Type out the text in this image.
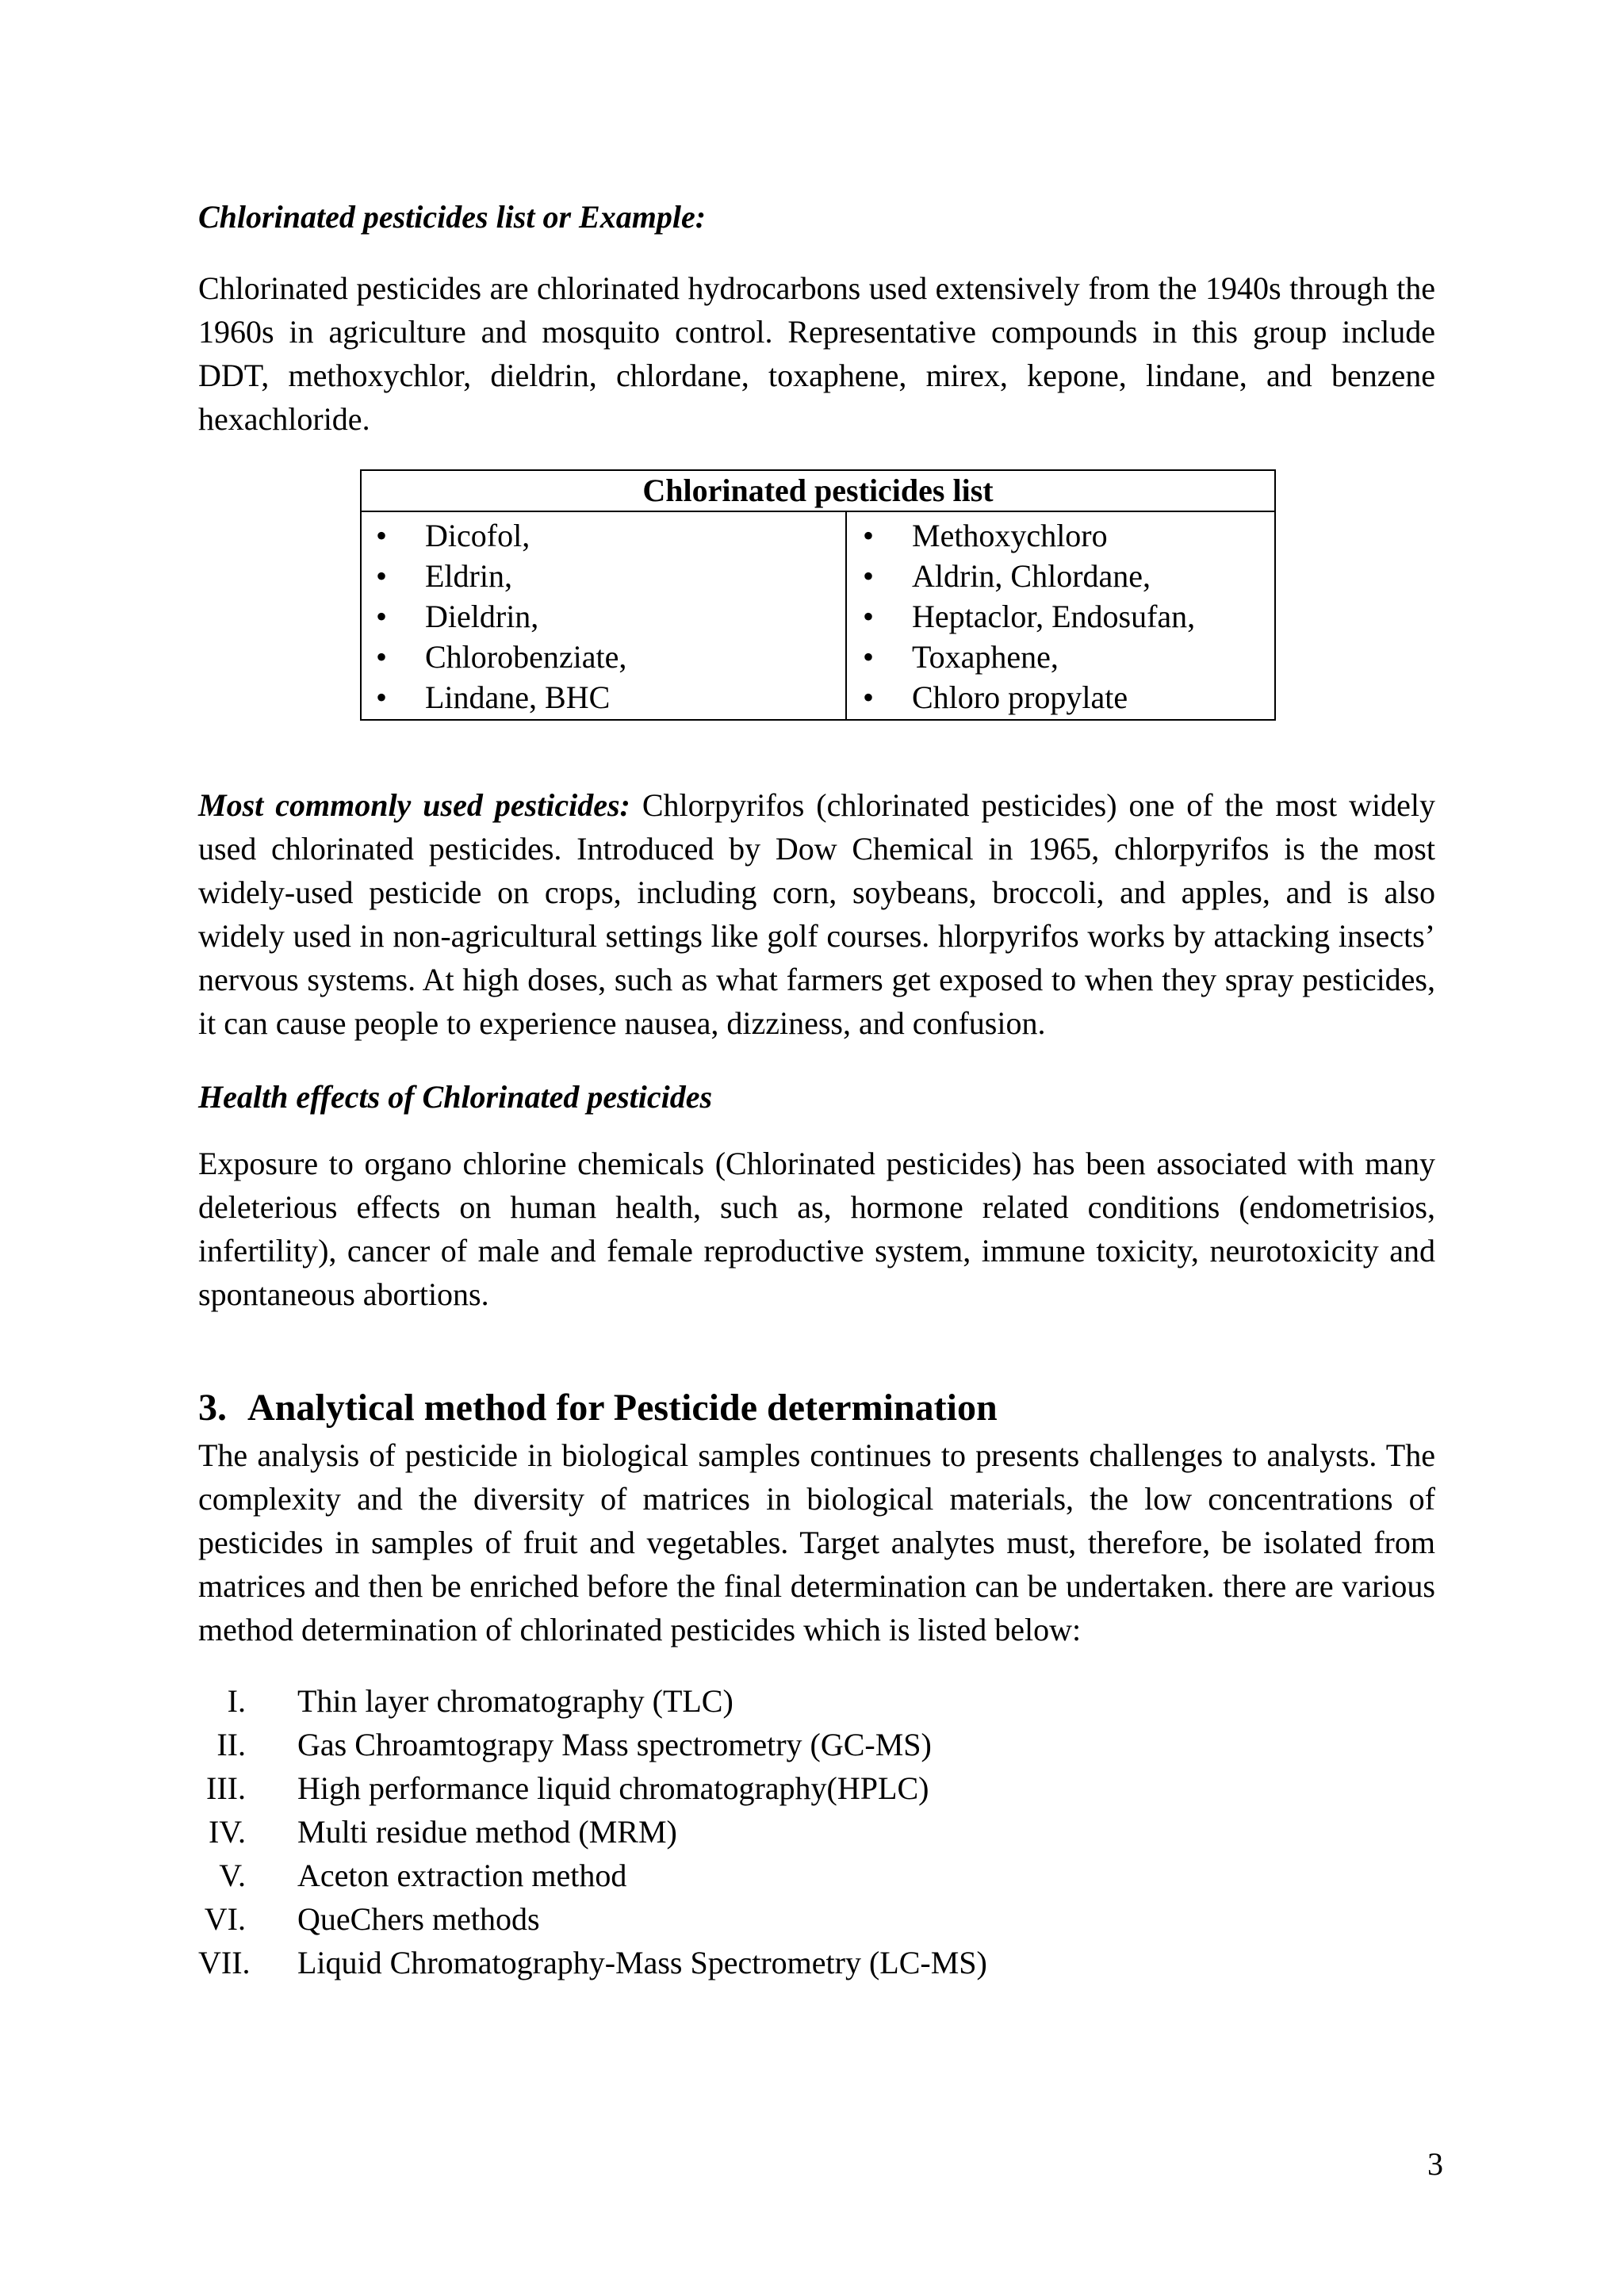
Chlorinated pesticides list or Example:

Chlorinated pesticides are chlorinated hydrocarbons used extensively from the 1940s through the 1960s in agriculture and mosquito control. Representative compounds in this group include DDT, methoxychlor, dieldrin, chlordane, toxaphene, mirex, kepone, lindane, and benzene hexachloride.

Chlorinated pesticides list

• Dicofol,
• Eldrin,
• Dieldrin,
• Chlorobenziate,
• Lindane, BHC

• Methoxychloro
• Aldrin, Chlordane,
• Heptaclor, Endosufan,
• Toxaphene,
• Chloro propylate

Most commonly used pesticides: Chlorpyrifos (chlorinated pesticides) one of the most widely used chlorinated pesticides. Introduced by Dow Chemical in 1965, chlorpyrifos is the most widely-used pesticide on crops, including corn, soybeans, broccoli, and apples, and is also widely used in non-agricultural settings like golf courses. hlorpyrifos works by attacking insects’ nervous systems. At high doses, such as what farmers get exposed to when they spray pesticides, it can cause people to experience nausea, dizziness, and confusion.

Health effects of Chlorinated pesticides

Exposure to organo chlorine chemicals (Chlorinated pesticides) has been associated with many deleterious effects on human health, such as, hormone related conditions (endometrisios, infertility), cancer of male and female reproductive system, immune toxicity, neurotoxicity and spontaneous abortions.

3. Analytical method for Pesticide determination

The analysis of pesticide in biological samples continues to presents challenges to analysts. The complexity and the diversity of matrices in biological materials, the low concentrations of pesticides in samples of fruit and vegetables. Target analytes must, therefore, be isolated from matrices and then be enriched before the final determination can be undertaken. there are various method determination of chlorinated pesticides which is listed below:

I. Thin layer chromatography (TLC)
II. Gas Chroamtograpy Mass spectrometry (GC-MS)
III. High performance liquid chromatography(HPLC)
IV. Multi residue method (MRM)
V. Aceton extraction method
VI. QueChers methods
VII. Liquid Chromatography-Mass Spectrometry (LC-MS)
3
